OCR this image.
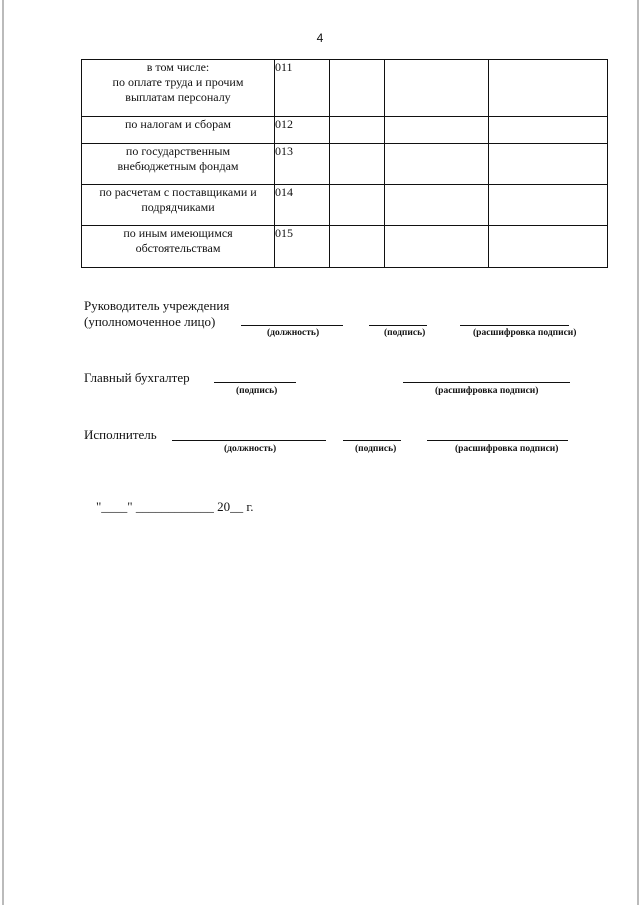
4
в том числе:
по оплате труда и прочим
выплатам персоналу	011			

по налогам и сборам	012			

по государственным
внебюджетным фондам	013			

по расчетам с поставщиками и
подрядчиками	014			

по иным имеющимся
обстоятельствам	015			
Руководитель учреждения
(уполномоченное лицо)
(должность)	(подпись)	(расшифровка подписи)
Главный бухгалтер
(подпись)	(расшифровка подписи)
Исполнитель
(должность)	(подпись)	(расшифровка подписи)
"____" ____________ 20__ г.
